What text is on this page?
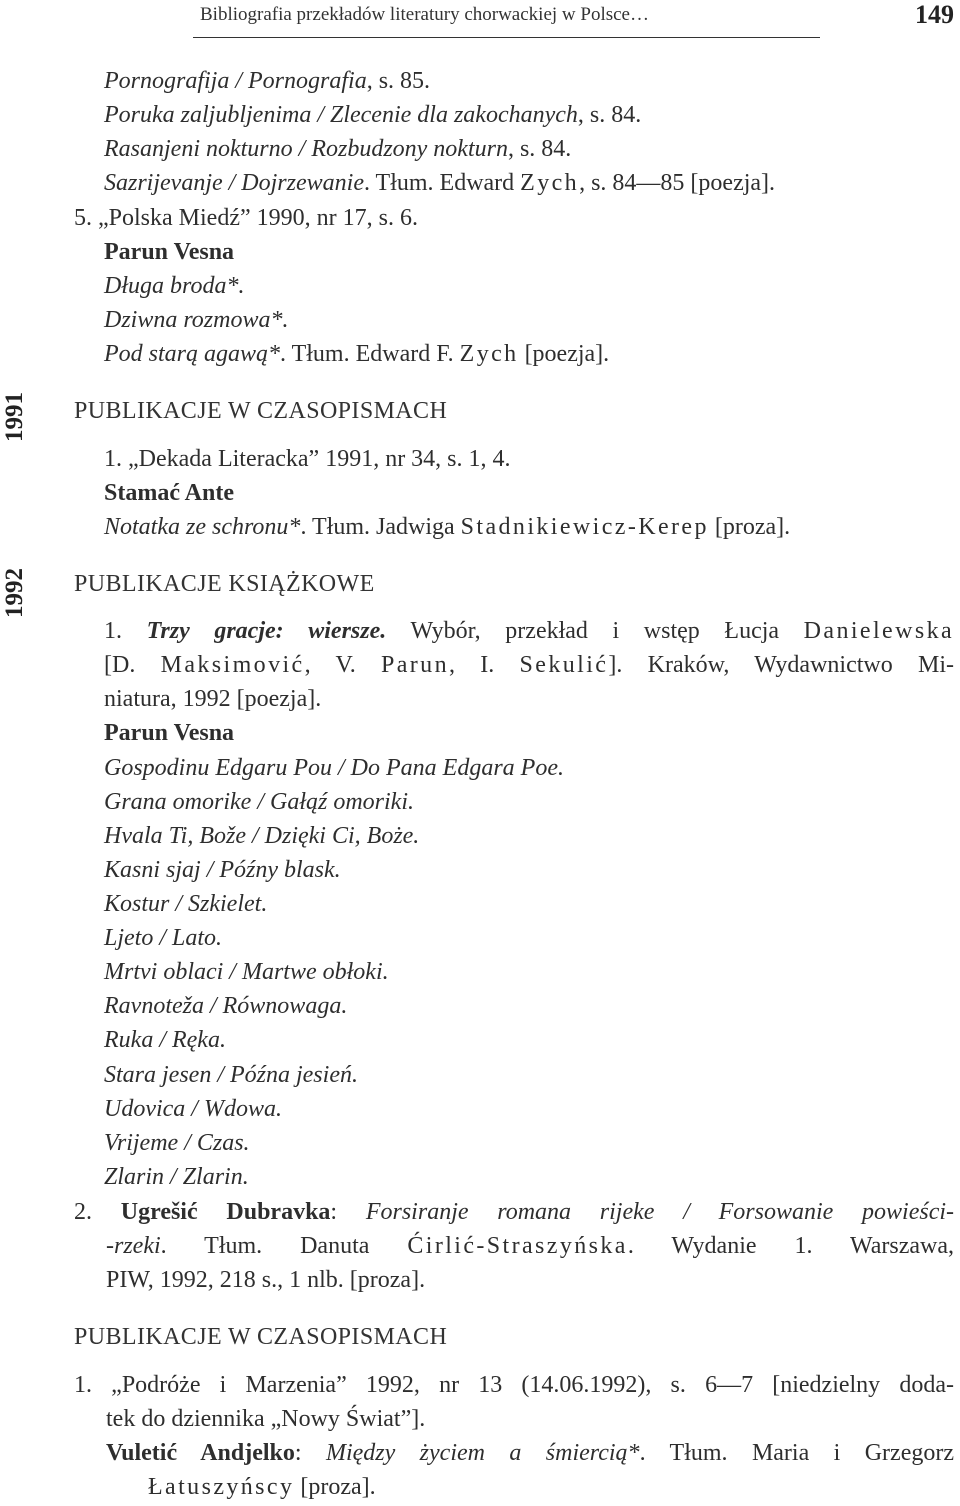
Bibliografia przekładów literatury chorwackiej w Polsce…	149
1991
1992
Pornografija / Pornografia, s. 85.
Poruka zaljubljenima / Zlecenie dla zakochanych, s. 84.
Rasanjeni nokturno / Rozbudzony nokturn, s. 84.
Sazrijevanje / Dojrzewanie. Tłum. Edward Zych, s. 84—85 [poezja].
5. „Polska Miedź” 1990, nr 17, s. 6.
Parun Vesna
Długa broda*.
Dziwna rozmowa*.
Pod starą agawą*. Tłum. Edward F. Zych [poezja].
PUBLIKACJE W CZASOPISMACH
1. „Dekada Literacka” 1991, nr 34, s. 1, 4.
Stamać Ante
Notatka ze schronu*. Tłum. Jadwiga Stadnikiewicz-Kerep [proza].
PUBLIKACJE KSIĄŻKOWE
1. Trzy gracje: wiersze. Wybór, przekład i wstęp Łucja Danielewska
[D. Maksimović, V. Parun, I. Sekulić]. Kraków, Wydawnictwo Mi-
niatura, 1992 [poezja].
Parun Vesna
Gospodinu Edgaru Pou / Do Pana Edgara Poe.
Grana omorike / Gałąź omoriki.
Hvala Ti, Bože / Dzięki Ci, Boże.
Kasni sjaj / Późny blask.
Kostur / Szkielet.
Ljeto / Lato.
Mrtvi oblaci / Martwe obłoki.
Ravnoteža / Równowaga.
Ruka / Ręka.
Stara jesen / Późna jesień.
Udovica / Wdowa.
Vrijeme / Czas.
Zlarin / Zlarin.
2. Ugrešić Dubravka: Forsiranje romana rijeke / Forsowanie powieści-
-rzeki. Tłum. Danuta Ćirlić-Straszyńska. Wydanie 1. Warszawa,
PIW, 1992, 218 s., 1 nlb. [proza].
PUBLIKACJE W CZASOPISMACH
1. „Podróże i Marzenia” 1992, nr 13 (14.06.1992), s. 6—7 [niedzielny doda-
tek do dziennika „Nowy Świat”].
Vuletić Andjelko: Między życiem a śmiercią*. Tłum. Maria i Grzegorz
Łatuszyńscy [proza].
